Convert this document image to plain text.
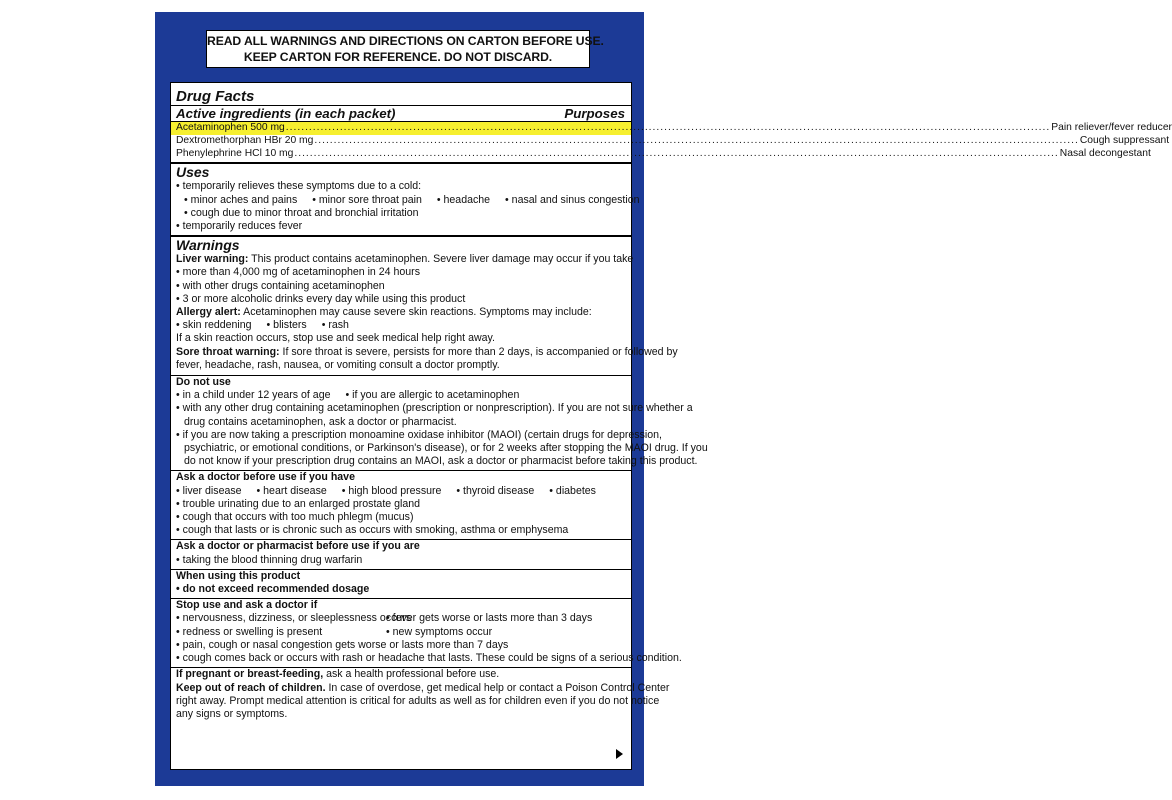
READ ALL WARNINGS AND DIRECTIONS ON CARTON BEFORE USE.
KEEP CARTON FOR REFERENCE. DO NOT DISCARD.
Drug Facts
Active ingredients (in each packet)	Purposes
Acetaminophen 500 mg .....	Pain reliever/fever reducer
Dextromethorphan HBr 20 mg .....	Cough suppressant
Phenylephrine HCl 10 mg .....	Nasal decongestant
Uses
• temporarily relieves these symptoms due to a cold:
• minor aches and pains • minor sore throat pain • headache • nasal and sinus congestion
• cough due to minor throat and bronchial irritation
• temporarily reduces fever
Warnings
Liver warning: This product contains acetaminophen. Severe liver damage may occur if you take
• more than 4,000 mg of acetaminophen in 24 hours
• with other drugs containing acetaminophen
• 3 or more alcoholic drinks every day while using this product
Allergy alert: Acetaminophen may cause severe skin reactions. Symptoms may include:
• skin reddening • blisters • rash
If a skin reaction occurs, stop use and seek medical help right away.
Sore throat warning: If sore throat is severe, persists for more than 2 days, is accompanied or followed by
fever, headache, rash, nausea, or vomiting consult a doctor promptly.
Do not use
• in a child under 12 years of age • if you are allergic to acetaminophen
• with any other drug containing acetaminophen (prescription or nonprescription). If you are not sure whether a
drug contains acetaminophen, ask a doctor or pharmacist.
• if you are now taking a prescription monoamine oxidase inhibitor (MAOI) (certain drugs for depression,
psychiatric, or emotional conditions, or Parkinson's disease), or for 2 weeks after stopping the MAOI drug. If you
do not know if your prescription drug contains an MAOI, ask a doctor or pharmacist before taking this product.
Ask a doctor before use if you have
• liver disease • heart disease • high blood pressure • thyroid disease • diabetes
• trouble urinating due to an enlarged prostate gland
• cough that occurs with too much phlegm (mucus)
• cough that lasts or is chronic such as occurs with smoking, asthma or emphysema
Ask a doctor or pharmacist before use if you are
• taking the blood thinning drug warfarin
When using this product
• do not exceed recommended dosage
Stop use and ask a doctor if
• nervousness, dizziness, or sleeplessness occurs• fever gets worse or lasts more than 3 days
• redness or swelling is present	• new symptoms occur
• pain, cough or nasal congestion gets worse or lasts more than 7 days
• cough comes back or occurs with rash or headache that lasts. These could be signs of a serious condition.
If pregnant or breast-feeding, ask a health professional before use.
Keep out of reach of children. In case of overdose, get medical help or contact a Poison Control Center
right away. Prompt medical attention is critical for adults as well as for children even if you do not notice
any signs or symptoms.
